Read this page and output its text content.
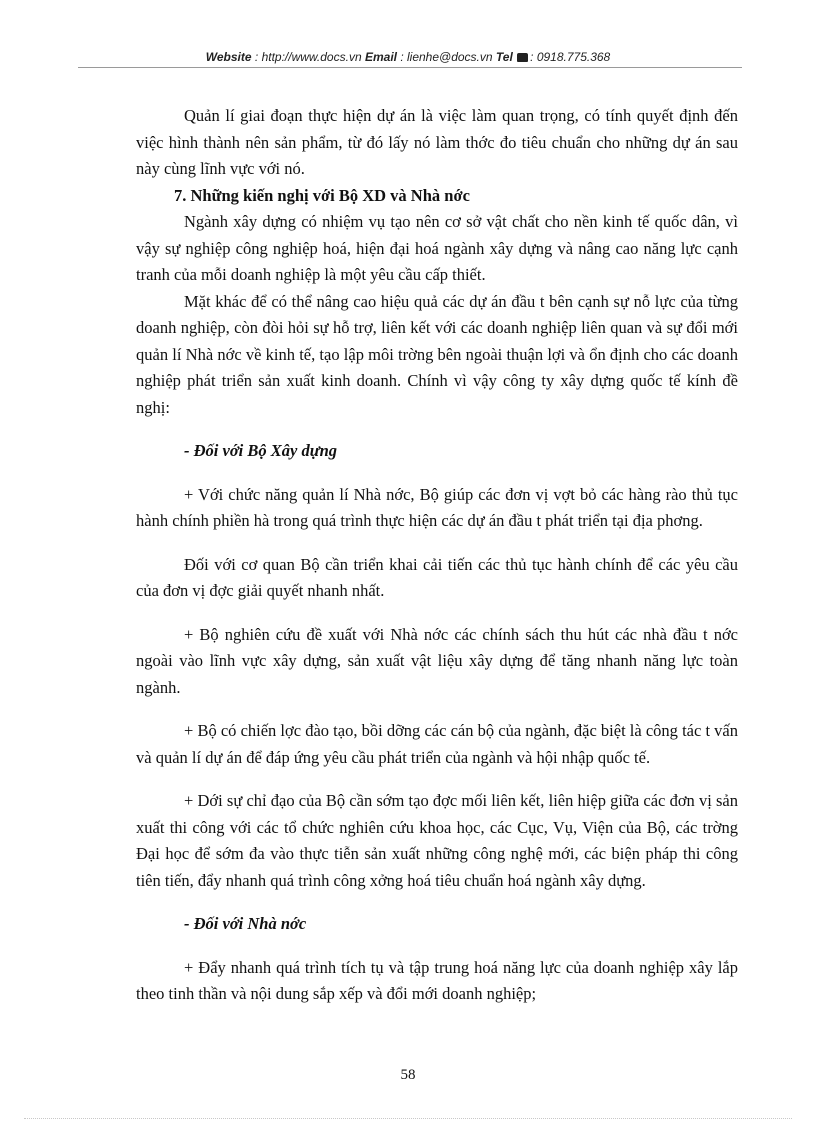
Website : http://www.docs.vn Email : lienhe@docs.vn Tel : 0918.775.368

Quản lí giai đoạn thực hiện dự án là việc làm quan trọng, có tính quyết định đến việc hình thành nên sản phẩm, từ đó lấy nó làm thớc đo tiêu chuẩn cho những dự án sau này cùng lĩnh vực với nó.

7. Những kiến nghị với Bộ XD và Nhà nớc

Ngành xây dựng có nhiệm vụ tạo nên cơ sở vật chất cho nền kinh tế quốc dân, vì vậy sự nghiệp công nghiệp hoá, hiện đại hoá ngành xây dựng và nâng cao năng lực cạnh tranh của mỗi doanh nghiệp là một yêu cầu cấp thiết.

Mặt khác để có thể nâng cao hiệu quả các dự án đầu t bên cạnh sự nỗ lực của từng doanh nghiệp, còn đòi hỏi sự hỗ trợ, liên kết với các doanh nghiệp liên quan và sự đổi mới quản lí Nhà nớc về kinh tế, tạo lập môi trờng bên ngoài thuận lợi và ổn định cho các doanh nghiệp phát triển sản xuất kinh doanh. Chính vì vậy công ty xây dựng quốc tế kính đề nghị:

- Đối với Bộ Xây dựng

+ Với chức năng quản lí Nhà nớc, Bộ giúp các đơn vị vợt bỏ các hàng rào thủ tục hành chính phiền hà trong quá trình thực hiện các dự án đầu t phát triển tại địa phơng.

Đối với cơ quan Bộ cần triển khai cải tiến các thủ tục hành chính để các yêu cầu của đơn vị đợc giải quyết nhanh nhất.

+ Bộ nghiên cứu đề xuất với Nhà nớc các chính sách thu hút các nhà đầu t nớc ngoài vào lĩnh vực xây dựng, sản xuất vật liệu xây dựng để tăng nhanh năng lực toàn ngành.

+ Bộ có chiến lợc đào tạo, bồi dỡng các cán bộ của ngành, đặc biệt là công tác t vấn và quản lí dự án để đáp ứng yêu cầu phát triển của ngành và hội nhập quốc tế.

+ Dới sự chỉ đạo của Bộ cần sớm tạo đợc mối liên kết, liên hiệp giữa các đơn vị sản xuất thi công với các tổ chức nghiên cứu khoa học, các Cục, Vụ, Viện của Bộ, các trờng Đại học để sớm đa vào thực tiễn sản xuất những công nghệ mới, các biện pháp thi công tiên tiến, đẩy nhanh quá trình công xởng hoá tiêu chuẩn hoá ngành xây dựng.

- Đối với Nhà nớc

+ Đẩy nhanh quá trình tích tụ và tập trung hoá năng lực của doanh nghiệp xây lắp theo tinh thần và nội dung sắp xếp và đổi mới doanh nghiệp;

58
